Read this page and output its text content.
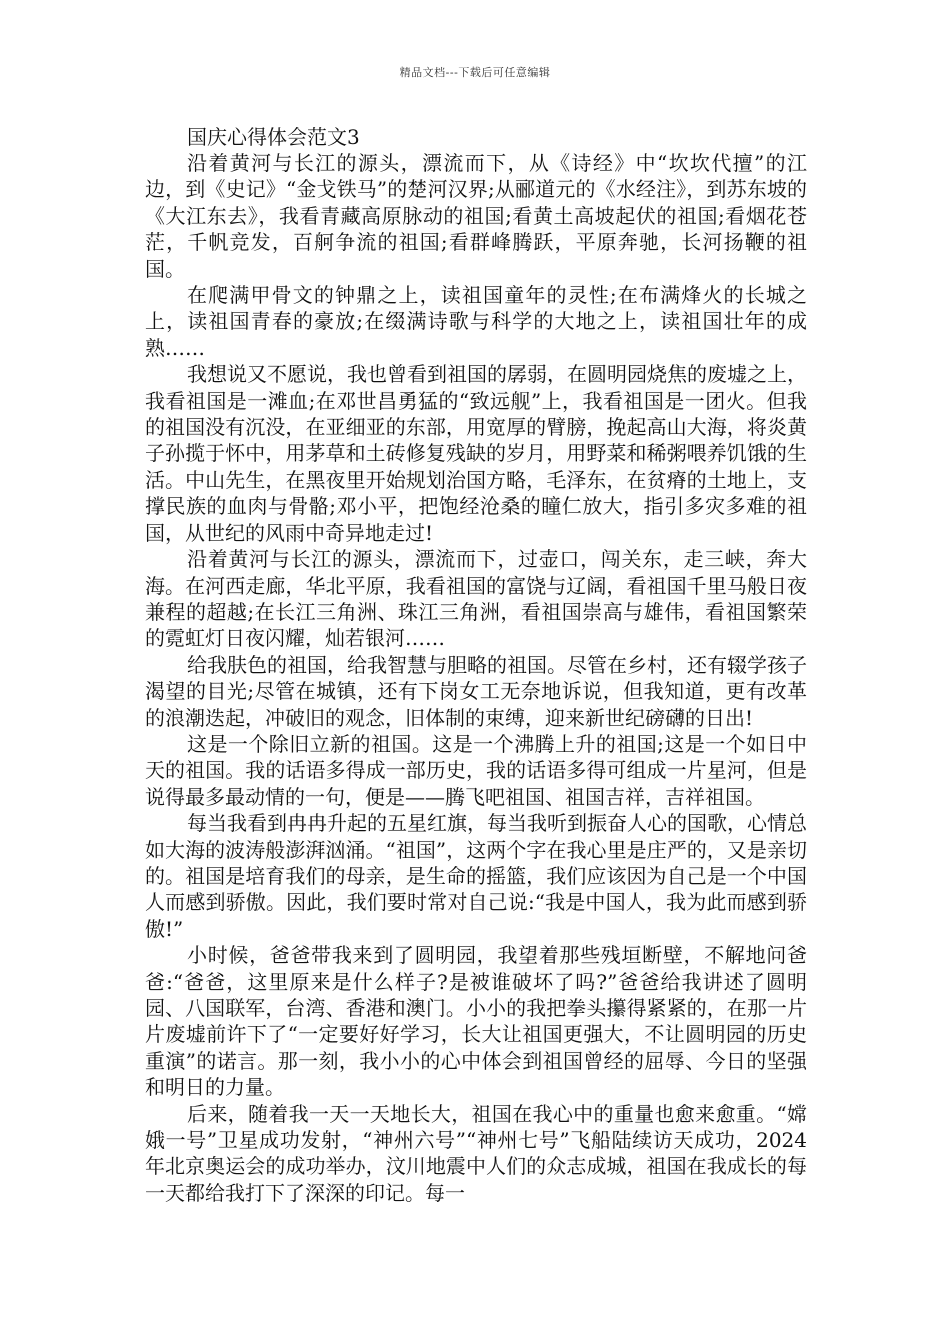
精品文档---下载后可任意编辑
国庆心得体会范文3

沿着黄河与长江的源头，漂流而下，从《诗经》中“坎坎代擅”的江边，到《史记》“金戈铁马”的楚河汉界;从郦道元的《水经注》，到苏东坡的《大江东去》，我看青藏高原脉动的祖国;看黄土高坡起伏的祖国;看烟花苍茫，千帆竞发，百舸争流的祖国;看群峰腾跃，平原奔驰，长河扬鞭的祖国。

在爬满甲骨文的钟鼎之上，读祖国童年的灵性;在布满烽火的长城之上，读祖国青春的豪放;在缀满诗歌与科学的大地之上，读祖国壮年的成熟……

我想说又不愿说，我也曾看到祖国的孱弱，在圆明园烧焦的废墟之上，我看祖国是一滩血;在邓世昌勇猛的“致远舰”上，我看祖国是一团火。但我的祖国没有沉没，在亚细亚的东部，用宽厚的臂膀，挽起高山大海，将炎黄子孙揽于怀中，用茅草和土砖修复残缺的岁月，用野菜和稀粥喂养饥饿的生活。中山先生，在黑夜里开始规划治国方略，毛泽东，在贫瘠的土地上，支撑民族的血肉与骨骼;邓小平，把饱经沧桑的瞳仁放大，指引多灾多难的祖国，从世纪的风雨中奇异地走过!

沿着黄河与长江的源头，漂流而下，过壶口，闯关东，走三峡，奔大海。在河西走廊，华北平原，我看祖国的富饶与辽阔，看祖国千里马般日夜兼程的超越;在长江三角洲、珠江三角洲，看祖国崇高与雄伟，看祖国繁荣的霓虹灯日夜闪耀，灿若银河……

给我肤色的祖国，给我智慧与胆略的祖国。尽管在乡村，还有辍学孩子渴望的目光;尽管在城镇，还有下岗女工无奈地诉说，但我知道，更有改革的浪潮迭起，冲破旧的观念，旧体制的束缚，迎来新世纪磅礴的日出!

这是一个除旧立新的祖国。这是一个沸腾上升的祖国;这是一个如日中天的祖国。我的话语多得成一部历史，我的话语多得可组成一片星河，但是说得最多最动情的一句，便是——腾飞吧祖国、祖国吉祥，吉祥祖国。

每当我看到冉冉升起的五星红旗，每当我听到振奋人心的国歌，心情总如大海的波涛般澎湃汹涌。“祖国”，这两个字在我心里是庄严的，又是亲切的。祖国是培育我们的母亲，是生命的摇篮，我们应该因为自己是一个中国人而感到骄傲。因此，我们要时常对自己说:“我是中国人，我为此而感到骄傲!”

小时候，爸爸带我来到了圆明园，我望着那些残垣断壁，不解地问爸爸:“爸爸，这里原来是什么样子?是被谁破坏了吗?”爸爸给我讲述了圆明园、八国联军，台湾、香港和澳门。小小的我把拳头攥得紧紧的，在那一片片废墟前许下了“一定要好好学习，长大让祖国更强大，不让圆明园的历史重演”的诺言。那一刻，我小小的心中体会到祖国曾经的屈辱、今日的坚强和明日的力量。

后来，随着我一天一天地长大，祖国在我心中的重量也愈来愈重。“嫦娥一号”卫星成功发射，“神州六号”“神州七号”飞船陆续访天成功，2024年北京奥运会的成功举办，汶川地震中人们的众志成城，祖国在我成长的每一天都给我打下了深深的印记。每一
